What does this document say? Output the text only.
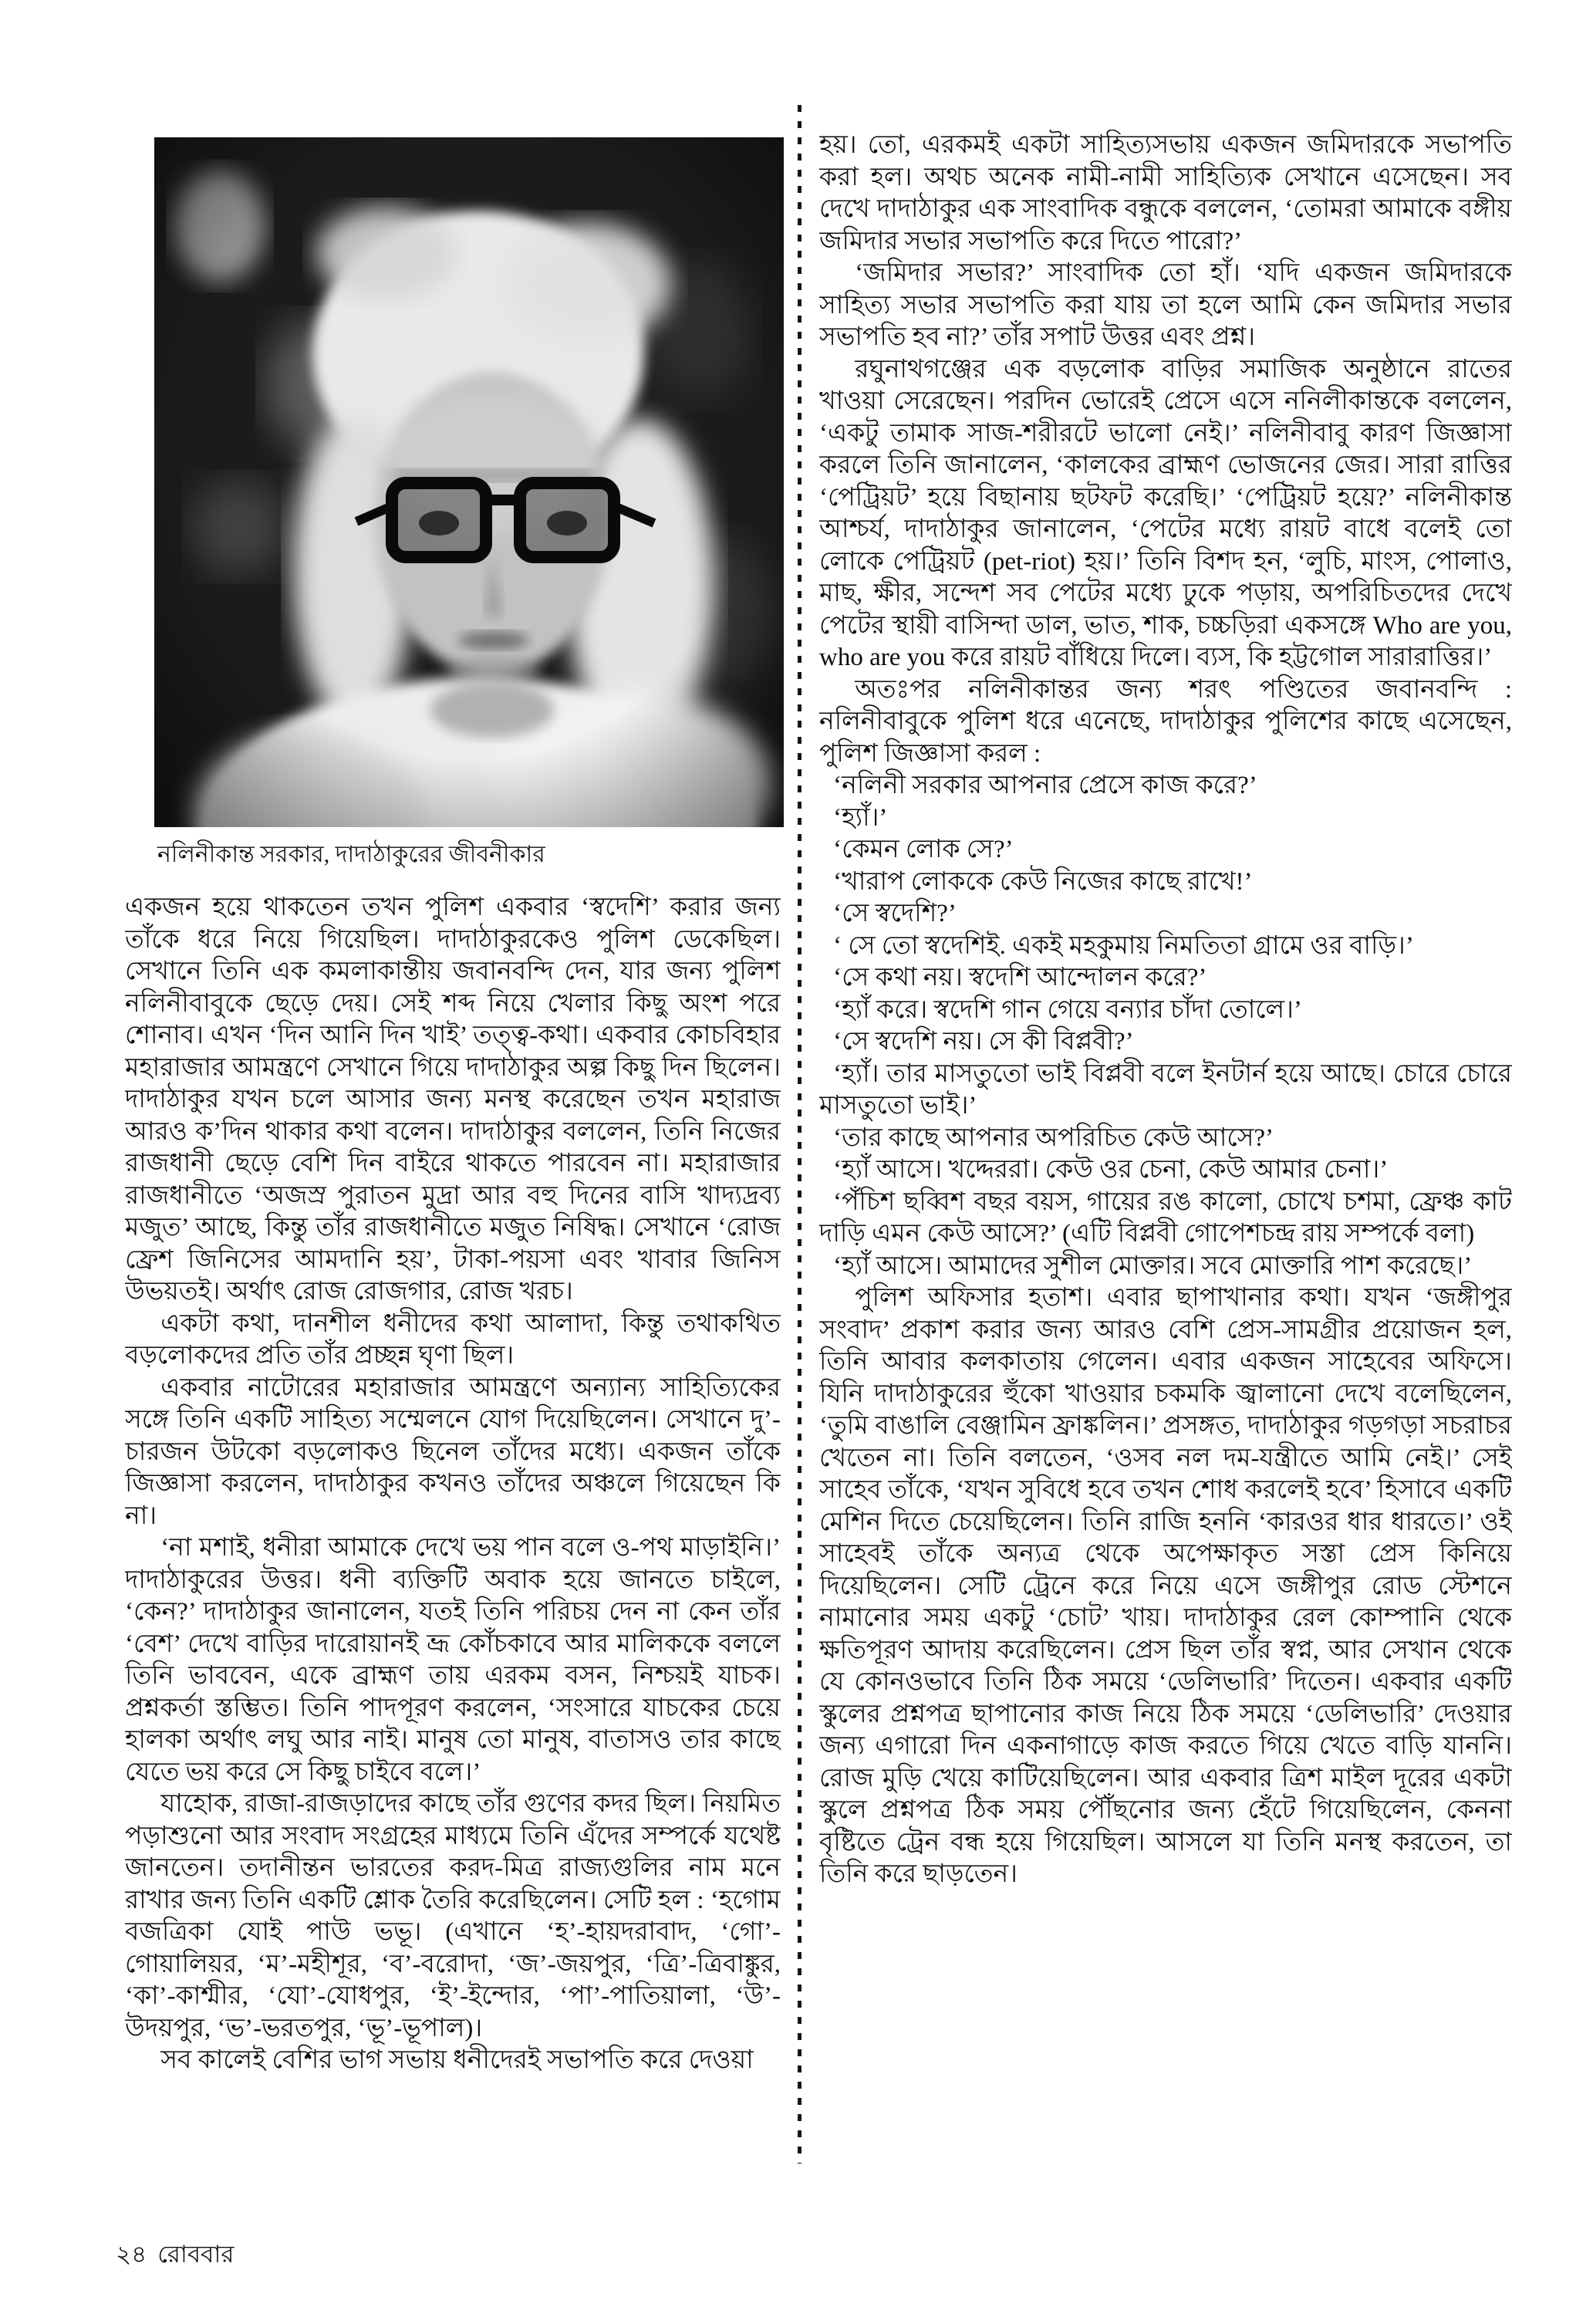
নলিনীকান্ত সরকার, দাদাঠাকুরের জীবনীকার

একজন হয়ে থাকতেন তখন পুলিশ একবার ‘স্বদেশি’ করার জন্য তাঁকে ধরে নিয়ে গিয়েছিল। দাদাঠাকুরকেও পুলিশ ডেকেছিল। সেখানে তিনি এক কমলাকান্তীয় জবানবন্দি দেন, যার জন্য পুলিশ নলিনীবাবুকে ছেড়ে দেয়। সেই শব্দ নিয়ে খেলার কিছু অংশ পরে শোনাব। এখন ‘দিন আনি দিন খাই’ তত্ত্ব-কথা। একবার কোচবিহার মহারাজার আমন্ত্রণে সেখানে গিয়ে দাদাঠাকুর অল্প কিছু দিন ছিলেন। দাদাঠাকুর যখন চলে আসার জন্য মনস্থ করেছেন তখন মহারাজ আরও ক’দিন থাকার কথা বলেন। দাদাঠাকুর বললেন, তিনি নিজের রাজধানী ছেড়ে বেশি দিন বাইরে থাকতে পারবেন না। মহারাজার রাজধানীতে ‘অজস্র পুরাতন মুদ্রা আর বহু দিনের বাসি খাদ্যদ্রব্য মজুত’ আছে, কিন্তু তাঁর রাজধানীতে মজুত নিষিদ্ধ। সেখানে ‘রোজ ফ্রেশ জিনিসের আমদানি হয়’, টাকা-পয়সা এবং খাবার জিনিস উভয়তই। অর্থাৎ রোজ রোজগার, রোজ খরচ।

একটা কথা, দানশীল ধনীদের কথা আলাদা, কিন্তু তথাকথিত বড়লোকদের প্রতি তাঁর প্রচ্ছন্ন ঘৃণা ছিল।

একবার নাটোরের মহারাজার আমন্ত্রণে অন্যান্য সাহিত্যিকের সঙ্গে তিনি একটি সাহিত্য সম্মেলনে যোগ দিয়েছিলেন। সেখানে দু’-চারজন উটকো বড়লোকও ছিনেল তাঁদের মধ্যে। একজন তাঁকে জিজ্ঞাসা করলেন, দাদাঠাকুর কখনও তাঁদের অঞ্চলে গিয়েছেন কি না।

‘না মশাই, ধনীরা আমাকে দেখে ভয় পান বলে ও-পথ মাড়াইনি।’ দাদাঠাকুরের উত্তর। ধনী ব্যক্তিটি অবাক হয়ে জানতে চাইলে, ‘কেন?’ দাদাঠাকুর জানালেন, যতই তিনি পরিচয় দেন না কেন তাঁর ‘বেশ’ দেখে বাড়ির দারোয়ানই ভ্রূ কোঁচকাবে আর মালিককে বললে তিনি ভাববেন, একে ব্রাহ্মণ তায় এরকম বসন, নিশ্চয়ই যাচক। প্রশ্নকর্তা স্তম্ভিত। তিনি পাদপূরণ করলেন, ‘সংসারে যাচকের চেয়ে হালকা অর্থাৎ লঘু আর নাই। মানুষ তো মানুষ, বাতাসও তার কাছে যেতে ভয় করে সে কিছু চাইবে বলে।’

যাহোক, রাজা-রাজড়াদের কাছে তাঁর গুণের কদর ছিল। নিয়মিত পড়াশুনো আর সংবাদ সংগ্রহের মাধ্যমে তিনি এঁদের সম্পর্কে যথেষ্ট জানতেন। তদানীন্তন ভারতের করদ-মিত্র রাজ্যগুলির নাম মনে রাখার জন্য তিনি একটি শ্লোক তৈরি করেছিলেন। সেটি হল : ‘হগোম বজত্রিকা যোই পাউ ভভূ। (এখানে ‘হ’-হায়দরাবাদ, ‘গো’-গোয়ালিয়র, ‘ম’-মহীশূর, ‘ব’-বরোদা, ‘জ’-জয়পুর, ‘ত্রি’-ত্রিবাঙ্কুর, ‘কা’-কাশ্মীর, ‘যো’-যোধপুর, ‘ই’-ইন্দোর, ‘পা’-পাতিয়ালা, ‘উ’-উদয়পুর, ‘ভ’-ভরতপুর, ‘ভূ’-ভূপাল)।

সব কালেই বেশির ভাগ সভায় ধনীদেরই সভাপতি করে দেওয়া

হয়। তো, এরকমই একটা সাহিত্যসভায় একজন জমিদারকে সভাপতি করা হল। অথচ অনেক নামী-নামী সাহিত্যিক সেখানে এসেছেন। সব দেখে দাদাঠাকুর এক সাংবাদিক বন্ধুকে বললেন, ‘তোমরা আমাকে বঙ্গীয় জমিদার সভার সভাপতি করে দিতে পারো?’

‘জমিদার সভার?’ সাংবাদিক তো হাঁ। ‘যদি একজন জমিদারকে সাহিত্য সভার সভাপতি করা যায় তা হলে আমি কেন জমিদার সভার সভাপতি হব না?’ তাঁর সপাট উত্তর এবং প্রশ্ন।

রঘুনাথগঞ্জের এক বড়লোক বাড়ির সমাজিক অনুষ্ঠানে রাতের খাওয়া সেরেছেন। পরদিন ভোরেই প্রেসে এসে ননিলীকান্তকে বললেন, ‘একটু তামাক সাজ-শরীরটে ভালো নেই।’ নলিনীবাবু কারণ জিজ্ঞাসা করলে তিনি জানালেন, ‘কালকের ব্রাহ্মণ ভোজনের জের। সারা রাত্তির ‘পেট্রিয়ট’ হয়ে বিছানায় ছটফট করেছি।’ ‘পেট্রিয়ট হয়ে?’ নলিনীকান্ত আশ্চর্য, দাদাঠাকুর জানালেন, ‘পেটের মধ্যে রায়ট বাধে বলেই তো লোকে পেট্রিয়ট (pet-riot) হয়।’ তিনি বিশদ হন, ‘লুচি, মাংস, পোলাও, মাছ, ক্ষীর, সন্দেশ সব পেটের মধ্যে ঢুকে পড়ায়, অপরিচিতদের দেখে পেটের স্থায়ী বাসিন্দা ডাল, ভাত, শাক, চচ্চড়িরা একসঙ্গে Who are you, who are you করে রায়ট বাঁধিয়ে দিলে। ব্যস, কি হট্টগোল সারারাত্তির।’

অতঃপর নলিনীকান্তর জন্য শরৎ পণ্ডিতের জবানবন্দি : নলিনীবাবুকে পুলিশ ধরে এনেছে, দাদাঠাকুর পুলিশের কাছে এসেছেন, পুলিশ জিজ্ঞাসা করল :

‘নলিনী সরকার আপনার প্রেসে কাজ করে?’

‘হ্যাঁ।’

‘কেমন লোক সে?’

‘খারাপ লোককে কেউ নিজের কাছে রাখে!’

‘সে স্বদেশি?’

‘ সে তো স্বদেশিই. একই মহকুমায় নিমতিতা গ্রামে ওর বাড়ি।’

‘সে কথা নয়। স্বদেশি আন্দোলন করে?’

‘হ্যাঁ করে। স্বদেশি গান গেয়ে বন্যার চাঁদা তোলে।’

‘সে স্বদেশি নয়। সে কী বিপ্লবী?’

‘হ্যাঁ। তার মাসতুতো ভাই বিপ্লবী বলে ইনটার্ন হয়ে আছে। চোরে চোরে মাসতুতো ভাই।’

‘তার কাছে আপনার অপরিচিত কেউ আসে?’

‘হ্যাঁ আসে। খদ্দেররা। কেউ ওর চেনা, কেউ আমার চেনা।’

‘পঁচিশ ছব্বিশ বছর বয়স, গায়ের রঙ কালো, চোখে চশমা, ফ্রেঞ্চ কাট দাড়ি এমন কেউ আসে?’ (এটি বিপ্লবী গোপেশচন্দ্র রায় সম্পর্কে বলা)

‘হ্যাঁ আসে। আমাদের সুশীল মোক্তার। সবে মোক্তারি পাশ করেছে।’

পুলিশ অফিসার হতাশ। এবার ছাপাখানার কথা। যখন ‘জঙ্গীপুর সংবাদ’ প্রকাশ করার জন্য আরও বেশি প্রেস-সামগ্রীর প্রয়োজন হল, তিনি আবার কলকাতায় গেলেন। এবার একজন সাহেবের অফিসে। যিনি দাদাঠাকুরের হুঁকো খাওয়ার চকমকি জ্বালানো দেখে বলেছিলেন, ‘তুমি বাঙালি বেঞ্জামিন ফ্রাঙ্কলিন।’ প্রসঙ্গত, দাদাঠাকুর গড়গড়া সচরাচর খেতেন না। তিনি বলতেন, ‘ওসব নল দম-যন্ত্রীতে আমি নেই।’ সেই সাহেব তাঁকে, ‘যখন সুবিধে হবে তখন শোধ করলেই হবে’ হিসাবে একটি মেশিন দিতে চেয়েছিলেন। তিনি রাজি হননি ‘কারওর ধার ধারতে।’ ওই সাহেবই তাঁকে অন্যত্র থেকে অপেক্ষাকৃত সস্তা প্রেস কিনিয়ে দিয়েছিলেন। সেটি ট্রেনে করে নিয়ে এসে জঙ্গীপুর রোড স্টেশনে নামানোর সময় একটু ‘চোট’ খায়। দাদাঠাকুর রেল কোম্পানি থেকে ক্ষতিপূরণ আদায় করেছিলেন। প্রেস ছিল তাঁর স্বপ্ন, আর সেখান থেকে যে কোনওভাবে তিনি ঠিক সময়ে ‘ডেলিভারি’ দিতেন। একবার একটি স্কুলের প্রশ্নপত্র ছাপানোর কাজ নিয়ে ঠিক সময়ে ‘ডেলিভারি’ দেওয়ার জন্য এগারো দিন একনাগাড়ে কাজ করতে গিয়ে খেতে বাড়ি যাননি। রোজ মুড়ি খেয়ে কাটিয়েছিলেন। আর একবার ত্রিশ মাইল দূরের একটা স্কুলে প্রশ্নপত্র ঠিক সময় পৌঁছনোর জন্য হেঁটে গিয়েছিলেন, কেননা বৃষ্টিতে ট্রেন বন্ধ হয়ে গিয়েছিল। আসলে যা তিনি মনস্থ করতেন, তা তিনি করে ছাড়তেন।

২৪ রোববার
